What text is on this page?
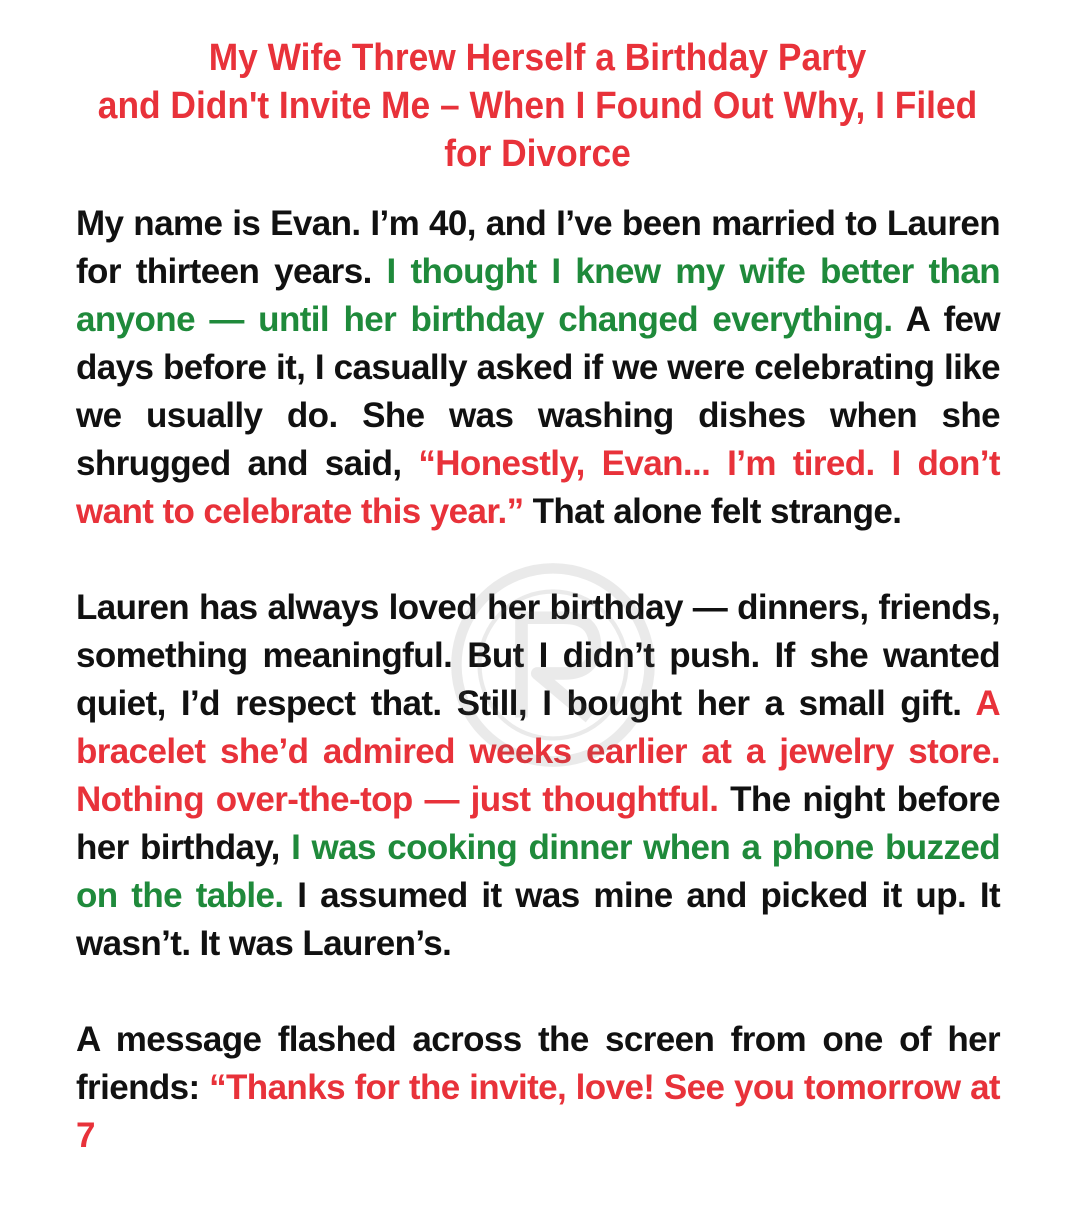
My Wife Threw Herself a Birthday Party
and Didn't Invite Me – When I Found Out Why, I Filed
for Divorce

My name is Evan. I’m 40, and I’ve been married to Lauren for thirteen years. I thought I knew my wife better than anyone — until her birthday changed everything. A few days before it, I casually asked if we were celebrating like we usually do. She was washing dishes when she shrugged and said, “Honestly, Evan... I’m tired. I don’t want to celebrate this year.” That alone felt strange.

Lauren has always loved her birthday — dinners, friends, something meaningful. But I didn’t push. If she wanted quiet, I’d respect that. Still, I bought her a small gift. A bracelet she’d admired weeks earlier at a jewelry store. Nothing over-the-top — just thoughtful. The night before her birthday, I was cooking dinner when a phone buzzed on the table. I assumed it was mine and picked it up. It wasn’t. It was Lauren’s.

A message flashed across the screen from one of her friends: “Thanks for the invite, love! See you tomorrow at 7
